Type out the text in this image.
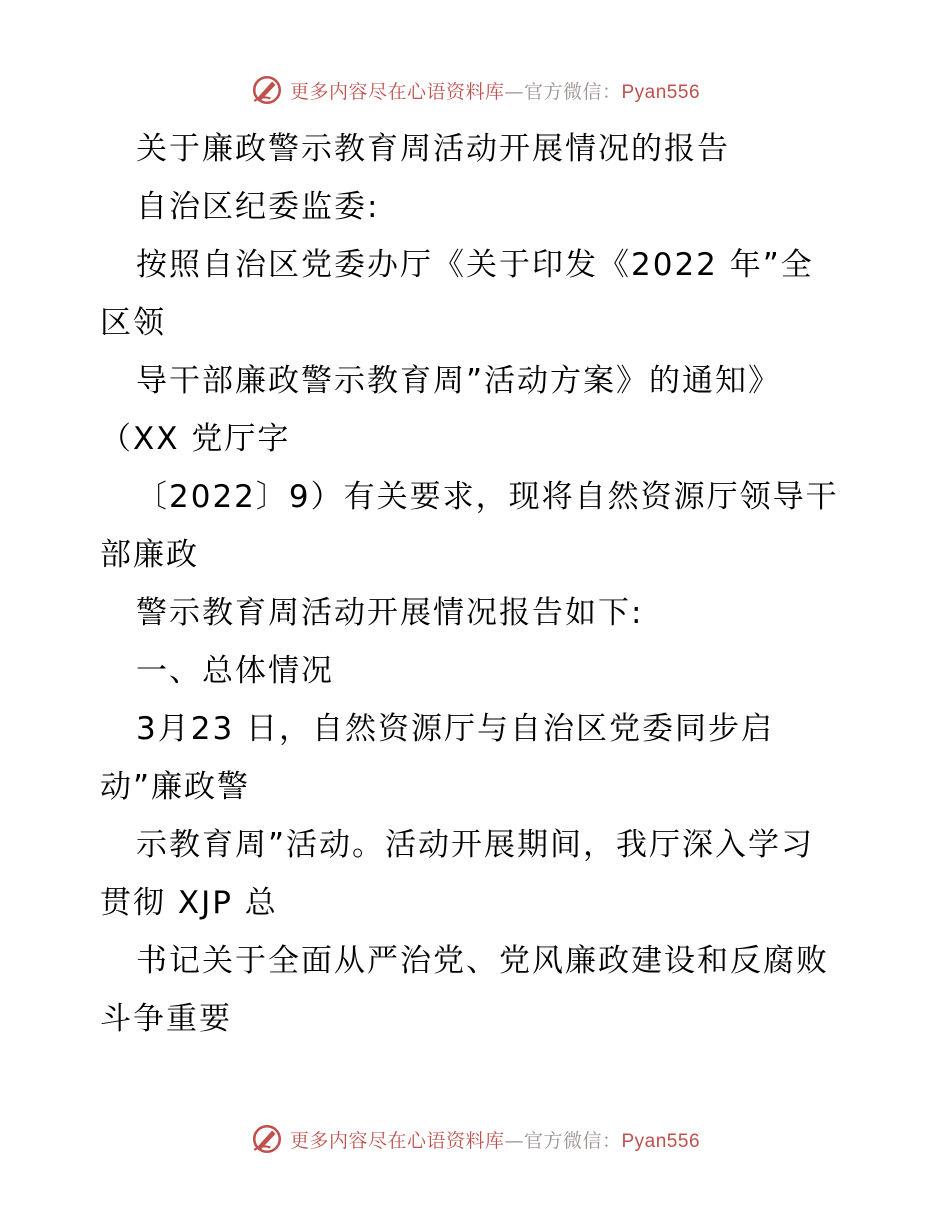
更多内容尽在心语资料库—官方微信：Pyan556
关于廉政警示教育周活动开展情况的报告
自治区纪委监委:
按照自治区党委办厅《关于印发《2022 年”全
区领
导干部廉政警示教育周”活动方案》的通知》
（XX 党厅字
〔2022〕9）有关要求，现将自然资源厅领导干
部廉政
警示教育周活动开展情况报告如下:
一、总体情况
3月23 日，自然资源厅与自治区党委同步启
动”廉政警
示教育周”活动。活动开展期间，我厅深入学习
贯彻 XJP 总
书记关于全面从严治党、党风廉政建设和反腐败
斗争重要
更多内容尽在心语资料库—官方微信：Pyan556
